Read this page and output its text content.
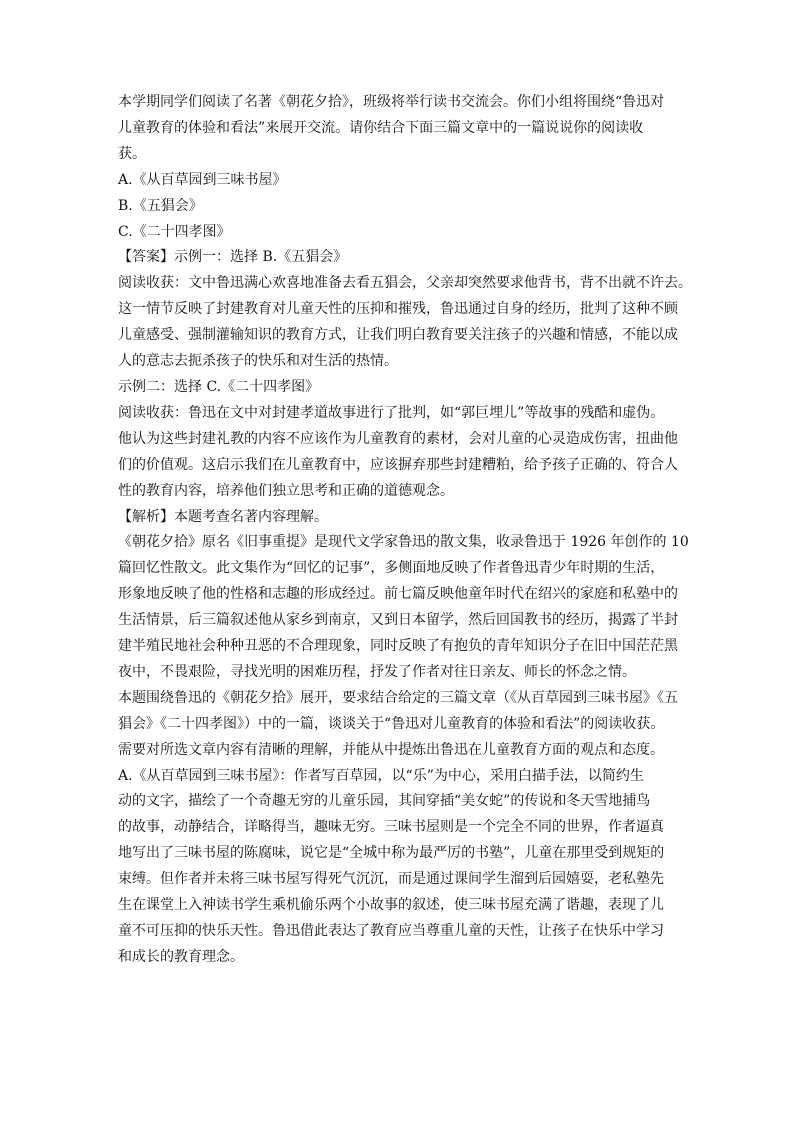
本学期同学们阅读了名著《朝花夕拾》，班级将举行读书交流会。你们小组将围绕“鲁迅对
儿童教育的体验和看法”来展开交流。请你结合下面三篇文章中的一篇说说你的阅读收
获。

A.《从百草园到三味书屋》
B.《五猖会》
C.《二十四孝图》

【答案】示例一：选择 B.《五猖会》
阅读收获：文中鲁迅满心欢喜地准备去看五猖会，父亲却突然要求他背书，背不出就不许去。
这一情节反映了封建教育对儿童天性的压抑和摧残，鲁迅通过自身的经历，批判了这种不顾
儿童感受、强制灌输知识的教育方式，让我们明白教育要关注孩子的兴趣和情感，不能以成
人的意志去扼杀孩子的快乐和对生活的热情。
示例二：选择 C.《二十四孝图》
阅读收获：鲁迅在文中对封建孝道故事进行了批判，如“郭巨埋儿”等故事的残酷和虚伪。
他认为这些封建礼教的内容不应该作为儿童教育的素材，会对儿童的心灵造成伤害，扭曲他
们的价值观。这启示我们在儿童教育中，应该摒弃那些封建糟粕，给予孩子正确的、符合人
性的教育内容，培养他们独立思考和正确的道德观念。

【解析】本题考查名著内容理解。
《朝花夕拾》原名《旧事重提》是现代文学家鲁迅的散文集，收录鲁迅于 1926 年创作的 10
篇回忆性散文。此文集作为“回忆的记事”，多侧面地反映了作者鲁迅青少年时期的生活，
形象地反映了他的性格和志趣的形成经过。前七篇反映他童年时代在绍兴的家庭和私塾中的
生活情景，后三篇叙述他从家乡到南京，又到日本留学，然后回国教书的经历，揭露了半封
建半殖民地社会种种丑恶的不合理现象，同时反映了有抱负的青年知识分子在旧中国茫茫黑
夜中，不畏艰险，寻找光明的困难历程，抒发了作者对往日亲友、师长的怀念之情。
本题围绕鲁迅的《朝花夕拾》展开，要求结合给定的三篇文章（《从百草园到三味书屋》《五
猖会》《二十四孝图》）中的一篇，谈谈关于“鲁迅对儿童教育的体验和看法”的阅读收获。
需要对所选文章内容有清晰的理解，并能从中提炼出鲁迅在儿童教育方面的观点和态度。
A.《从百草园到三味书屋》：作者写百草园，以“乐”为中心，采用白描手法，以简约生
动的文字，描绘了一个奇趣无穷的儿童乐园，其间穿插“美女蛇”的传说和冬天雪地捕鸟
的故事，动静结合，详略得当，趣味无穷。三味书屋则是一个完全不同的世界，作者逼真
地写出了三味书屋的陈腐味，说它是“全城中称为最严厉的书塾”，儿童在那里受到规矩的
束缚。但作者并未将三味书屋写得死气沉沉，而是通过课间学生溜到后园嬉耍，老私塾先
生在课堂上入神读书学生乘机偷乐两个小故事的叙述，使三味书屋充满了谐趣，表现了儿
童不可压抑的快乐天性。鲁迅借此表达了教育应当尊重儿童的天性，让孩子在快乐中学习
和成长的教育理念。
